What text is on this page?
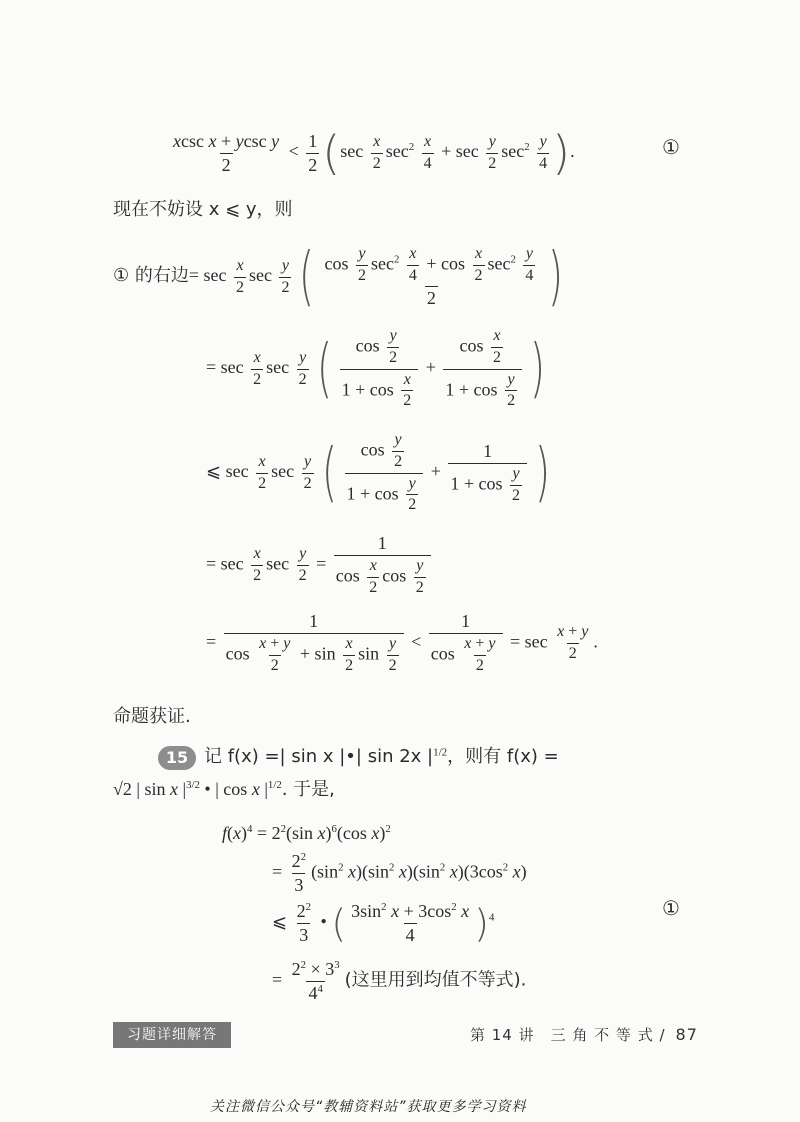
$\frac{\text{xcsc x + ycsc y}}{2} < \frac{1}{2} (\sec \frac{x}{2} \sec^2 \frac{x}{4} + \sec \frac{y}{2} \sec^2 \frac{y}{4}$ ).	①
现在不妨设 x ⩽ y，则
① 的右边= $\sec \frac{x}{2}$ $\sec \frac{y}{2}$ ( $\frac{\cos \frac{y}{2} \sec^2 \frac{x}{4} + \cos \frac{x}{2} \sec^2 \frac{y}{4}}{2}$ )
= $\sec \frac{x}{2}$ $\sec \frac{y}{2}$ ( $\frac{\cos \frac{y}{2}}{1 + \cos \frac{x}{2}} + \frac{\cos \frac{x}{2}}{1 + \cos \frac{y}{2}}$ )
⩽ $\sec \frac{x}{2}$ $\sec \frac{y}{2}$ ( $\frac{\cos \frac{y}{2}}{1 + \cos \frac{y}{2}} + \frac{1}{1 + \cos \frac{y}{2}}$ )
= $\sec \frac{x}{2}$ $\sec \frac{y}{2} = \frac{1}{\cos \frac{x}{2} \cos \frac{y}{2}}$
= $\frac{1}{\cos \frac{x + y}{2} + \sin \frac{x}{2} \sin \frac{y}{2}} < \frac{1}{\cos \frac{x + y}{2}} = \sec \frac{x + y}{2}$ .
命题获证.
15 记 f(x) =| sin x |•| sin 2x $|^{1/2}$，则有 f(x) =
√2 | sin x $|^{3/2}$ • | cos x $|^{1/2}$. 于是,
$f(x)^4 = 2^2(\sin$ x)$^6$(cos x)$^2$
= $\frac{2^2}{3} (\sin^2$ $x)(\sin^2$ $x)(\sin^2$ $x)(3\cos^2$ x)
⩽ $\frac{2^2}{3}$ • ( $\frac{3\sin^2 x + 3\cos^2 x}{4} )^4$	①
= $\frac{2^2 \times 3^3}{4^4}$ (这里用到均值不等式).
习题详细解答	第 14 讲　三 角 不 等 式 / 87
关注微信公众号“教辅资料站”获取更多学习资料
